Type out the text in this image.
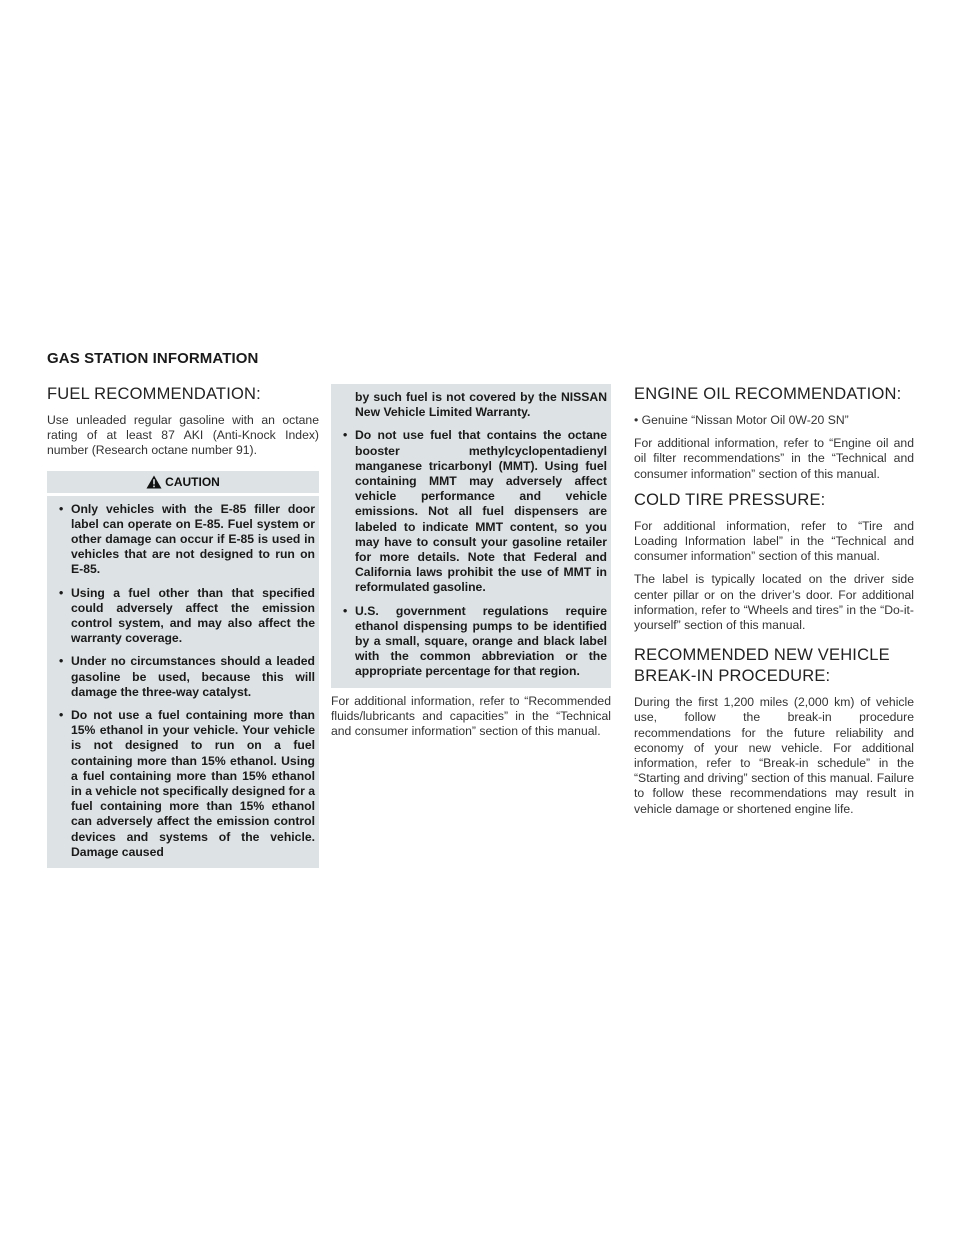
GAS STATION INFORMATION
FUEL RECOMMENDATION:

Use unleaded regular gasoline with an octane rating of at least 87 AKI (Anti-Knock Index) number (Research octane number 91).

CAUTION
• Only vehicles with the E-85 filler door label can operate on E-85. Fuel system or other damage can occur if E-85 is used in vehicles that are not designed to run on E-85.
• Using a fuel other than that specified could adversely affect the emission control system, and may also affect the warranty coverage.
• Under no circumstances should a leaded gasoline be used, because this will damage the three-way catalyst.
• Do not use a fuel containing more than 15% ethanol in your vehicle. Your vehicle is not designed to run on a fuel containing more than 15% ethanol. Using a fuel containing more than 15% ethanol in a vehicle not specifically designed for a fuel containing more than 15% ethanol can adversely affect the emission control devices and systems of the vehicle. Damage caused
by such fuel is not covered by the NISSAN New Vehicle Limited Warranty.
• Do not use fuel that contains the octane booster methylcyclopentadienyl manganese tricarbonyl (MMT). Using fuel containing MMT may adversely affect vehicle performance and vehicle emissions. Not all fuel dispensers are labeled to indicate MMT content, so you may have to consult your gasoline retailer for more details. Note that Federal and California laws prohibit the use of MMT in reformulated gasoline.
• U.S. government regulations require ethanol dispensing pumps to be identified by a small, square, orange and black label with the common abbreviation or the appropriate percentage for that region.

For additional information, refer to “Recommended fluids/lubricants and capacities” in the “Technical and consumer information” section of this manual.

ENGINE OIL RECOMMENDATION:

• Genuine “Nissan Motor Oil 0W-20 SN”

For additional information, refer to “Engine oil and oil filter recommendations” in the “Technical and consumer information” section of this manual.

COLD TIRE PRESSURE:

For additional information, refer to “Tire and Loading Information label” in the “Technical and consumer information” section of this manual.

The label is typically located on the driver side center pillar or on the driver’s door. For additional information, refer to “Wheels and tires” in the “Do-it-yourself” section of this manual.

RECOMMENDED NEW VEHICLE
BREAK-IN PROCEDURE:

During the first 1,200 miles (2,000 km) of vehicle use, follow the break-in procedure recommendations for the future reliability and economy of your new vehicle. For additional information, refer to “Break-in schedule” in the “Starting and driving” section of this manual. Failure to follow these recommendations may result in vehicle damage or shortened engine life.
